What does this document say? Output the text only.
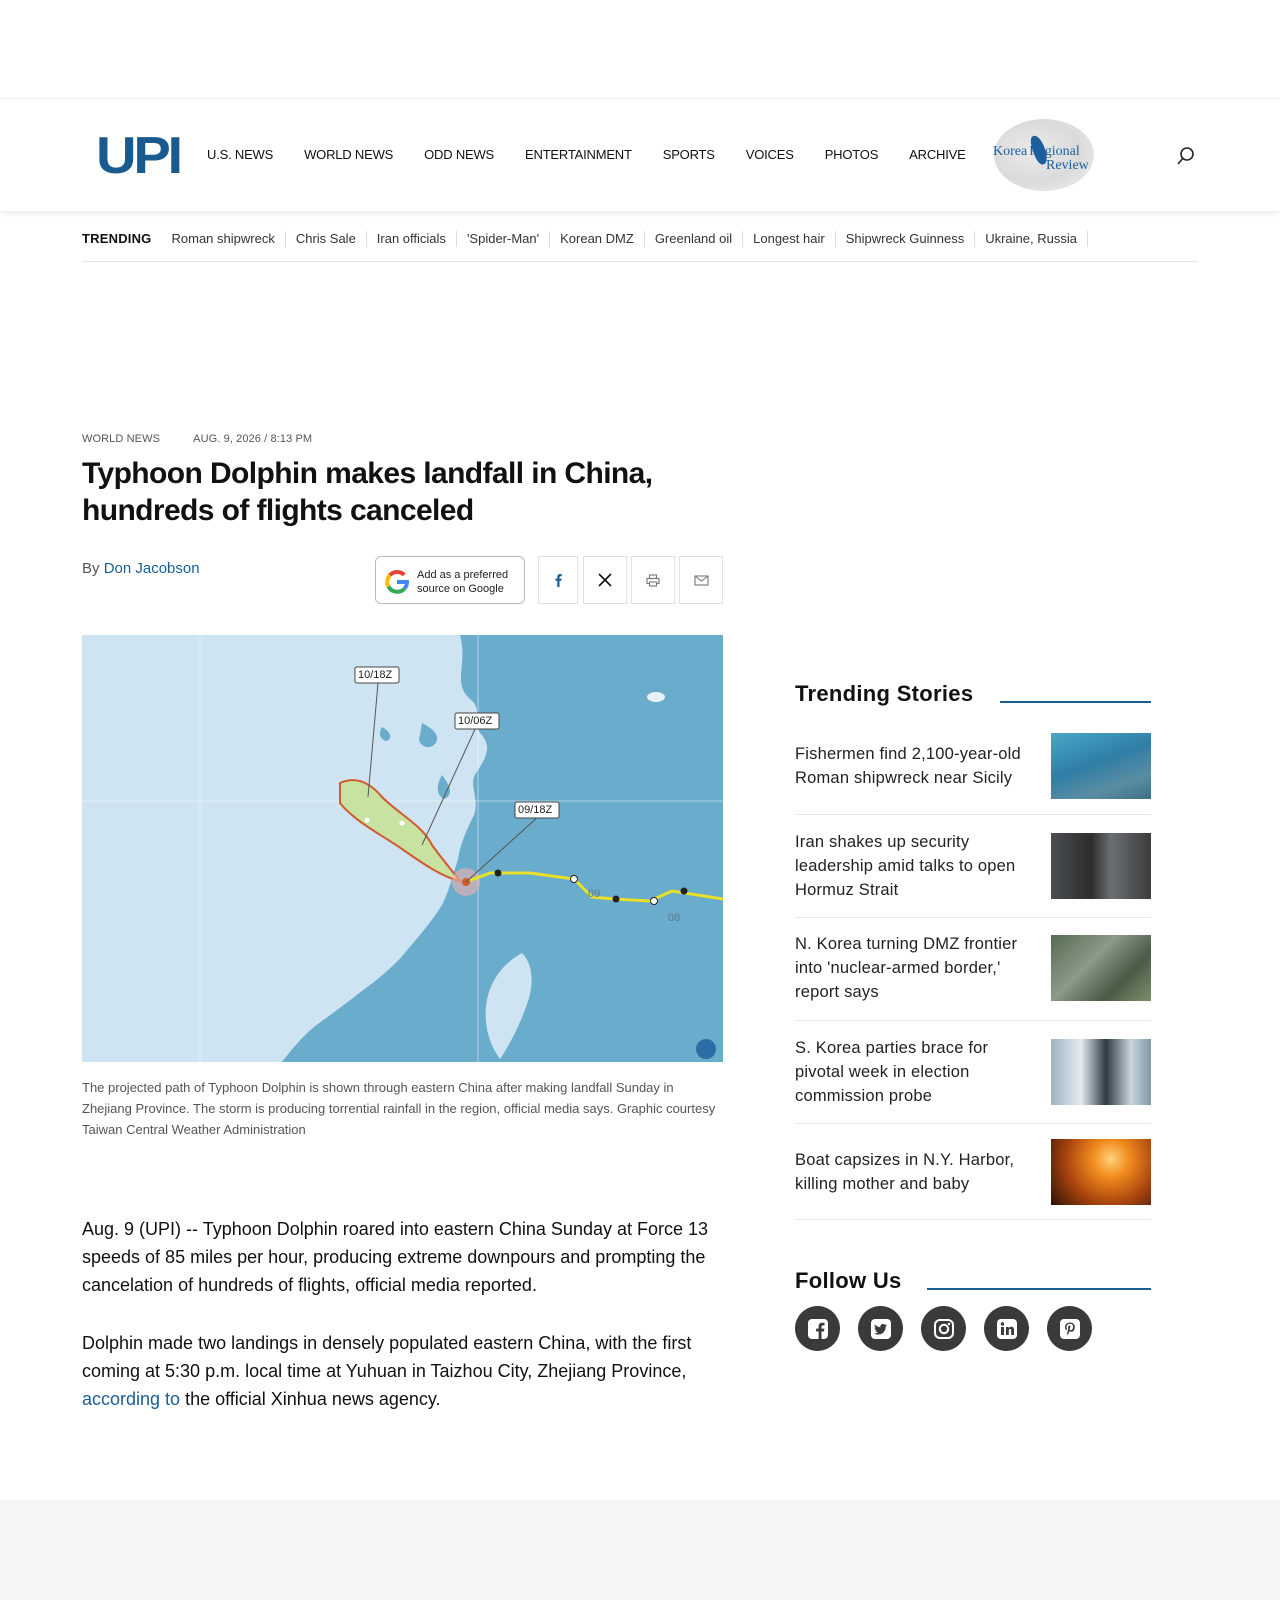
UPI U.S. NEWS WORLD NEWS ODD NEWS ENTERTAINMENT SPORTS VOICES PHOTOS ARCHIVE Korea Regional
Review
TRENDING Roman shipwreck	Chris Sale	Iran officials	'Spider-Man'	Korean DMZ	Greenland oil	Longest hair	Shipwreck Guinness	Ukraine, Russia
WORLD NEWS	AUG. 9, 2026 / 8:13 PM
Typhoon Dolphin makes landfall in China, hundreds of flights canceled
By Don Jacobson	Add as a preferred
source on Google
10/18Z
10/06Z
09/18Z
09
08

The projected path of Typhoon Dolphin is shown through eastern China after making landfall Sunday in Zhejiang Province. The storm is producing torrential rainfall in the region, official media says. Graphic courtesy Taiwan Central Weather Administration

Aug. 9 (UPI) -- Typhoon Dolphin roared into eastern China Sunday at Force 13 speeds of 85 miles per hour, producing extreme downpours and prompting the cancelation of hundreds of flights, official media reported.

Dolphin made two landings in densely populated eastern China, with the first coming at 5:30 p.m. local time at Yuhuan in Taizhou City, Zhejiang Province, according to the official Xinhua news agency.

Trending Stories
Fishermen find 2,100-year-old Roman shipwreck near Sicily
Iran shakes up security leadership amid talks to open Hormuz Strait
N. Korea turning DMZ frontier into 'nuclear-armed border,' report says
S. Korea parties brace for pivotal week in election commission probe
Boat capsizes in N.Y. Harbor, killing mother and baby
Follow Us
